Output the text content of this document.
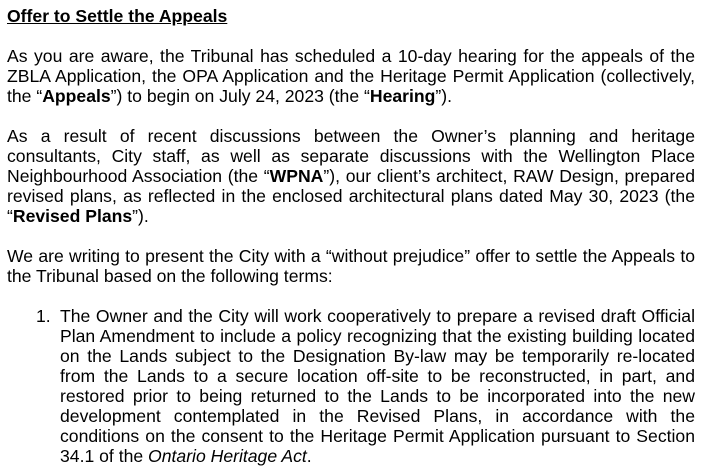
Offer to Settle the Appeals

As you are aware, the Tribunal has scheduled a 10-day hearing for the appeals of the ZBLA Application, the OPA Application and the Heritage Permit Application (collectively, the “Appeals”) to begin on July 24, 2023 (the “Hearing”).

As a result of recent discussions between the Owner’s planning and heritage consultants, City staff, as well as separate discussions with the Wellington Place Neighbourhood Association (the “WPNA”), our client’s architect, RAW Design, prepared revised plans, as reflected in the enclosed architectural plans dated May 30, 2023 (the “Revised Plans”).

We are writing to present the City with a “without prejudice” offer to settle the Appeals to the Tribunal based on the following terms:

1. The Owner and the City will work cooperatively to prepare a revised draft Official Plan Amendment to include a policy recognizing that the existing building located on the Lands subject to the Designation By-law may be temporarily re-located from the Lands to a secure location off-site to be reconstructed, in part, and restored prior to being returned to the Lands to be incorporated into the new development contemplated in the Revised Plans, in accordance with the conditions on the consent to the Heritage Permit Application pursuant to Section 34.1 of the Ontario Heritage Act.
